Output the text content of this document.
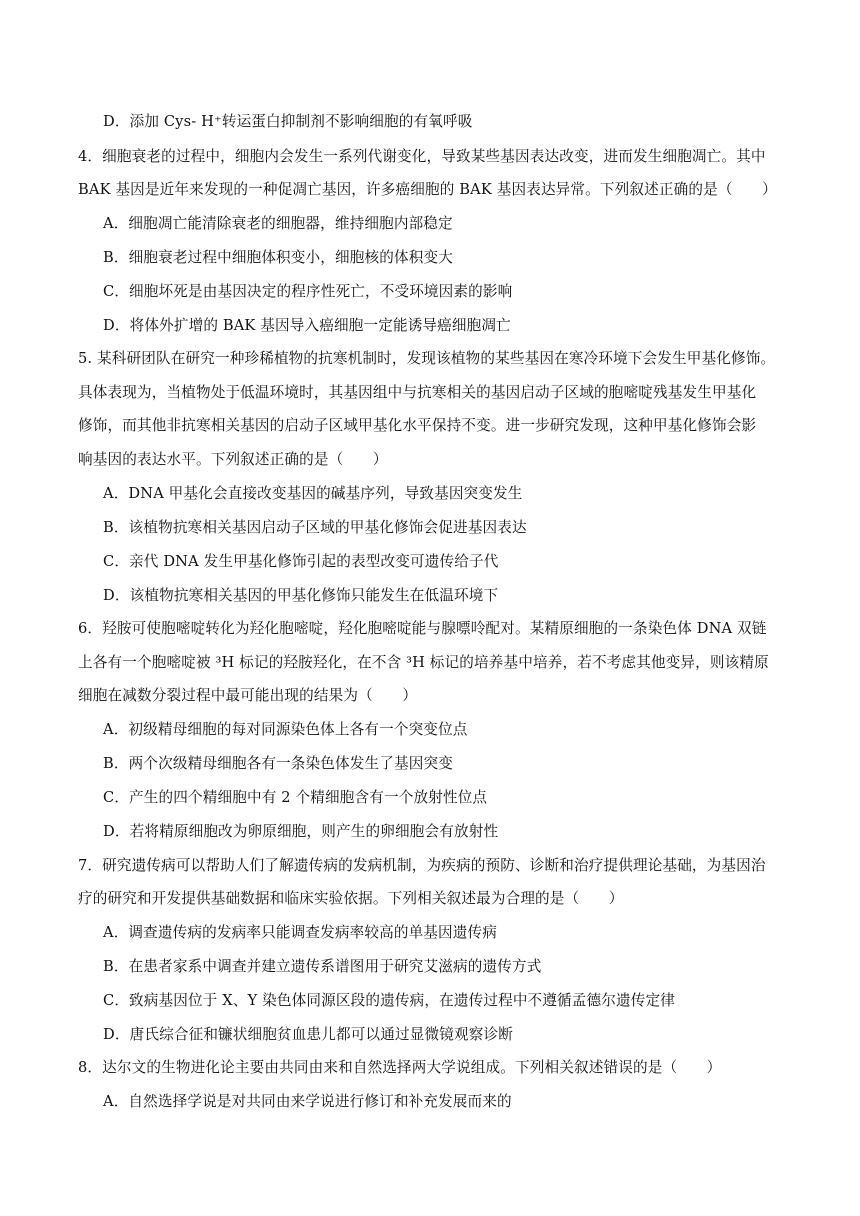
D．添加 Cys- H⁺转运蛋白抑制剂不影响细胞的有氧呼吸
4．细胞衰老的过程中，细胞内会发生一系列代谢变化，导致某些基因表达改变，进而发生细胞凋亡。其中
BAK 基因是近年来发现的一种促凋亡基因，许多癌细胞的 BAK 基因表达异常。下列叙述正确的是（　　）
A．细胞凋亡能清除衰老的细胞器，维持细胞内部稳定
B．细胞衰老过程中细胞体积变小，细胞核的体积变大
C．细胞坏死是由基因决定的程序性死亡，不受环境因素的影响
D．将体外扩增的 BAK 基因导入癌细胞一定能诱导癌细胞凋亡
5. 某科研团队在研究一种珍稀植物的抗寒机制时，发现该植物的某些基因在寒冷环境下会发生甲基化修饰。
具体表现为，当植物处于低温环境时，其基因组中与抗寒相关的基因启动子区域的胞嘧啶残基发生甲基化
修饰，而其他非抗寒相关基因的启动子区域甲基化水平保持不变。进一步研究发现，这种甲基化修饰会影
响基因的表达水平。下列叙述正确的是（　　）
A．DNA 甲基化会直接改变基因的碱基序列，导致基因突变发生
B．该植物抗寒相关基因启动子区域的甲基化修饰会促进基因表达
C．亲代 DNA 发生甲基化修饰引起的表型改变可遗传给子代
D．该植物抗寒相关基因的甲基化修饰只能发生在低温环境下
6．羟胺可使胞嘧啶转化为羟化胞嘧啶，羟化胞嘧啶能与腺嘌呤配对。某精原细胞的一条染色体 DNA 双链
上各有一个胞嘧啶被 ³H 标记的羟胺羟化，在不含 ³H 标记的培养基中培养，若不考虑其他变异，则该精原
细胞在减数分裂过程中最可能出现的结果为（　　）
A．初级精母细胞的每对同源染色体上各有一个突变位点
B．两个次级精母细胞各有一条染色体发生了基因突变
C．产生的四个精细胞中有 2 个精细胞含有一个放射性位点
D．若将精原细胞改为卵原细胞，则产生的卵细胞会有放射性
7．研究遗传病可以帮助人们了解遗传病的发病机制，为疾病的预防、诊断和治疗提供理论基础，为基因治
疗的研究和开发提供基础数据和临床实验依据。下列相关叙述最为合理的是（　　）
A．调查遗传病的发病率只能调查发病率较高的单基因遗传病
B．在患者家系中调查并建立遗传系谱图用于研究艾滋病的遗传方式
C．致病基因位于 X、Y 染色体同源区段的遗传病，在遗传过程中不遵循孟德尔遗传定律
D．唐氏综合征和镰状细胞贫血患儿都可以通过显微镜观察诊断
8．达尔文的生物进化论主要由共同由来和自然选择两大学说组成。下列相关叙述错误的是（　　）
A．自然选择学说是对共同由来学说进行修订和补充发展而来的
